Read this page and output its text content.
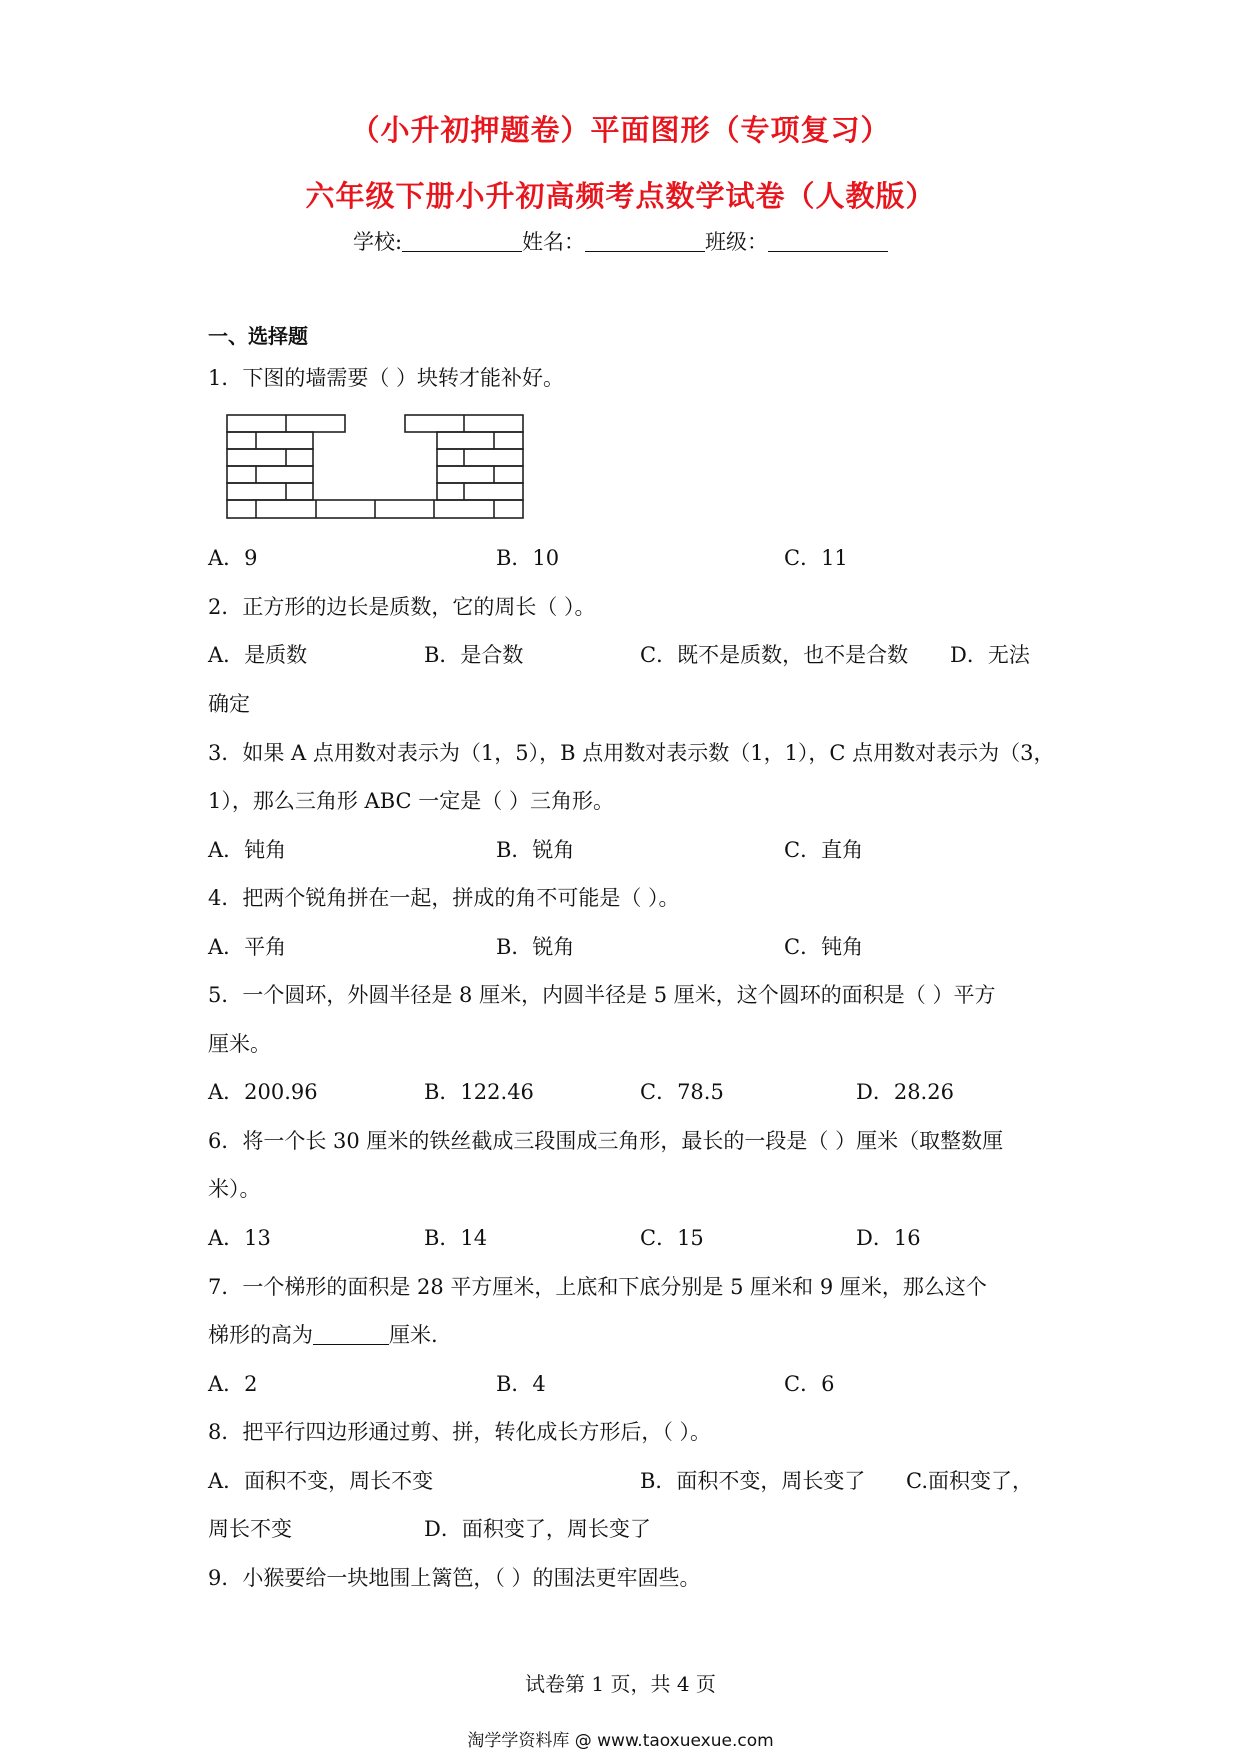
（小升初押题卷）平面图形（专项复习）
六年级下册小升初高频考点数学试卷（人教版）
学校:	姓名：	班级：
一、选择题
1．下图的墙需要（ ）块转才能补好。
A．9	B．10	C．11
2．正方形的边长是质数，它的周长（ ）。
A．是质数	B．是合数	C．既不是质数，也不是合数 D．无法
确定
3．如果 A 点用数对表示为（1，5），B 点用数对表示数（1，1），C 点用数对表示为（3，
1），那么三角形 ABC 一定是（ ）三角形。
A．钝角	B．锐角	C．直角
4．把两个锐角拼在一起，拼成的角不可能是（ ）。
A．平角	B．锐角	C．钝角
5．一个圆环，外圆半径是 8 厘米，内圆半径是 5 厘米，这个圆环的面积是（ ）平方
厘米。
A．200.96	B．122.46	C．78.5	D．28.26
6．将一个长 30 厘米的铁丝截成三段围成三角形，最长的一段是（ ）厘米（取整数厘
米）。
A．13	B．14	C．15	D．16
7．一个梯形的面积是 28 平方厘米，上底和下底分别是 5 厘米和 9 厘米，那么这个
梯形的高为	厘米.
A．2	B．4	C．6
8．把平行四边形通过剪、拼，转化成长方形后，（ ）。
A．面积不变，周长不变	B．面积不变，周长变了 C.面积变了，
周长不变	D．面积变了，周长变了
9．小猴要给一块地围上篱笆，（ ）的围法更牢固些。
试卷第 1 页，共 4 页
淘学学资料库 @ www.taoxuexue.com
